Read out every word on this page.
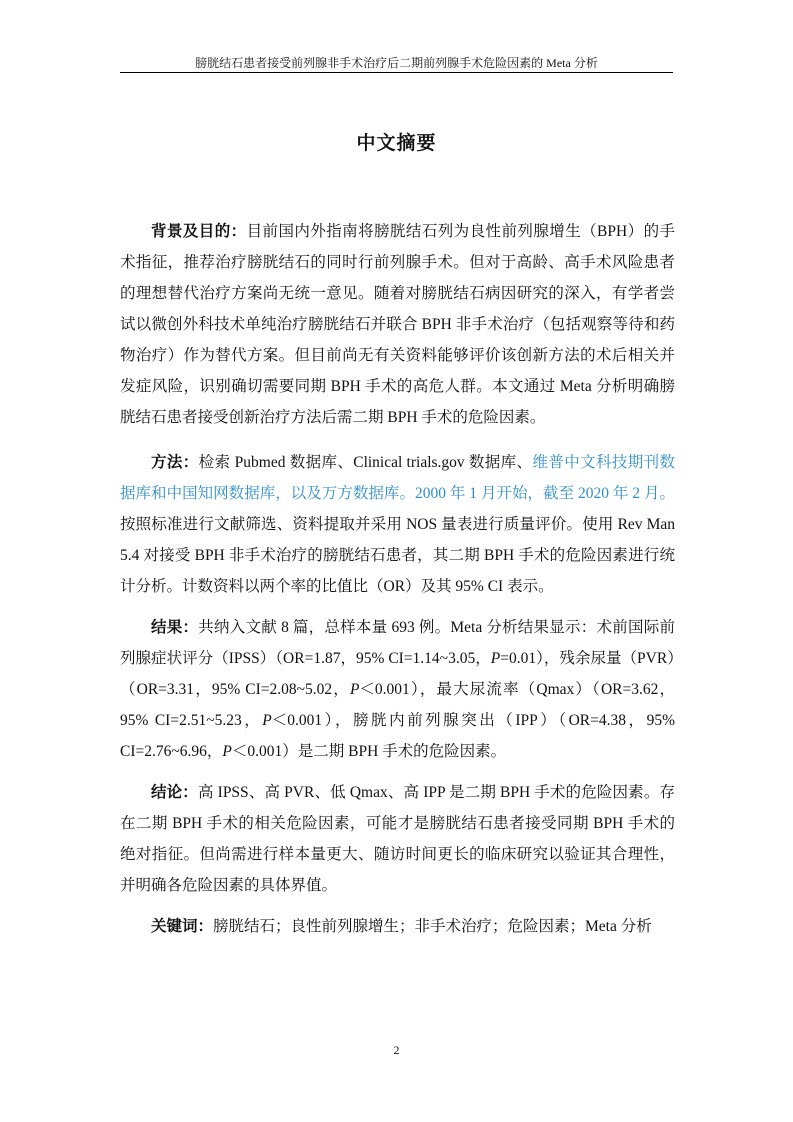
膀胱结石患者接受前列腺非手术治疗后二期前列腺手术危险因素的 Meta 分析
中文摘要

背景及目的：目前国内外指南将膀胱结石列为良性前列腺增生（BPH）的手术指征，推荐治疗膀胱结石的同时行前列腺手术。但对于高龄、高手术风险患者的理想替代治疗方案尚无统一意见。随着对膀胱结石病因研究的深入，有学者尝试以微创外科技术单纯治疗膀胱结石并联合 BPH 非手术治疗（包括观察等待和药物治疗）作为替代方案。但目前尚无有关资料能够评价该创新方法的术后相关并发症风险，识别确切需要同期 BPH 手术的高危人群。本文通过 Meta 分析明确膀胱结石患者接受创新治疗方法后需二期 BPH 手术的危险因素。

方法：检索 Pubmed 数据库、Clinical trials.gov 数据库、维普中文科技期刊数据库和中国知网数据库，以及万方数据库。2000 年 1 月开始，截至 2020 年 2 月。按照标准进行文献筛选、资料提取并采用 NOS 量表进行质量评价。使用 Rev Man 5.4 对接受 BPH 非手术治疗的膀胱结石患者，其二期 BPH 手术的危险因素进行统计分析。计数资料以两个率的比值比（OR）及其 95% CI 表示。

结果：共纳入文献 8 篇，总样本量 693 例。Meta 分析结果显示：术前国际前列腺症状评分（IPSS）（OR=1.87，95% CI=1.14~3.05，P=0.01），残余尿量（PVR）（OR=3.31，95% CI=2.08~5.02，P＜0.001），最大尿流率（Qmax）（OR=3.62，95% CI=2.51~5.23，P＜0.001），膀胱内前列腺突出（IPP）（OR=4.38，95% CI=2.76~6.96，P＜0.001）是二期 BPH 手术的危险因素。

结论：高 IPSS、高 PVR、低 Qmax、高 IPP 是二期 BPH 手术的危险因素。存在二期 BPH 手术的相关危险因素，可能才是膀胱结石患者接受同期 BPH 手术的绝对指征。但尚需进行样本量更大、随访时间更长的临床研究以验证其合理性，并明确各危险因素的具体界值。

关键词：膀胱结石；良性前列腺增生；非手术治疗；危险因素；Meta 分析

2
